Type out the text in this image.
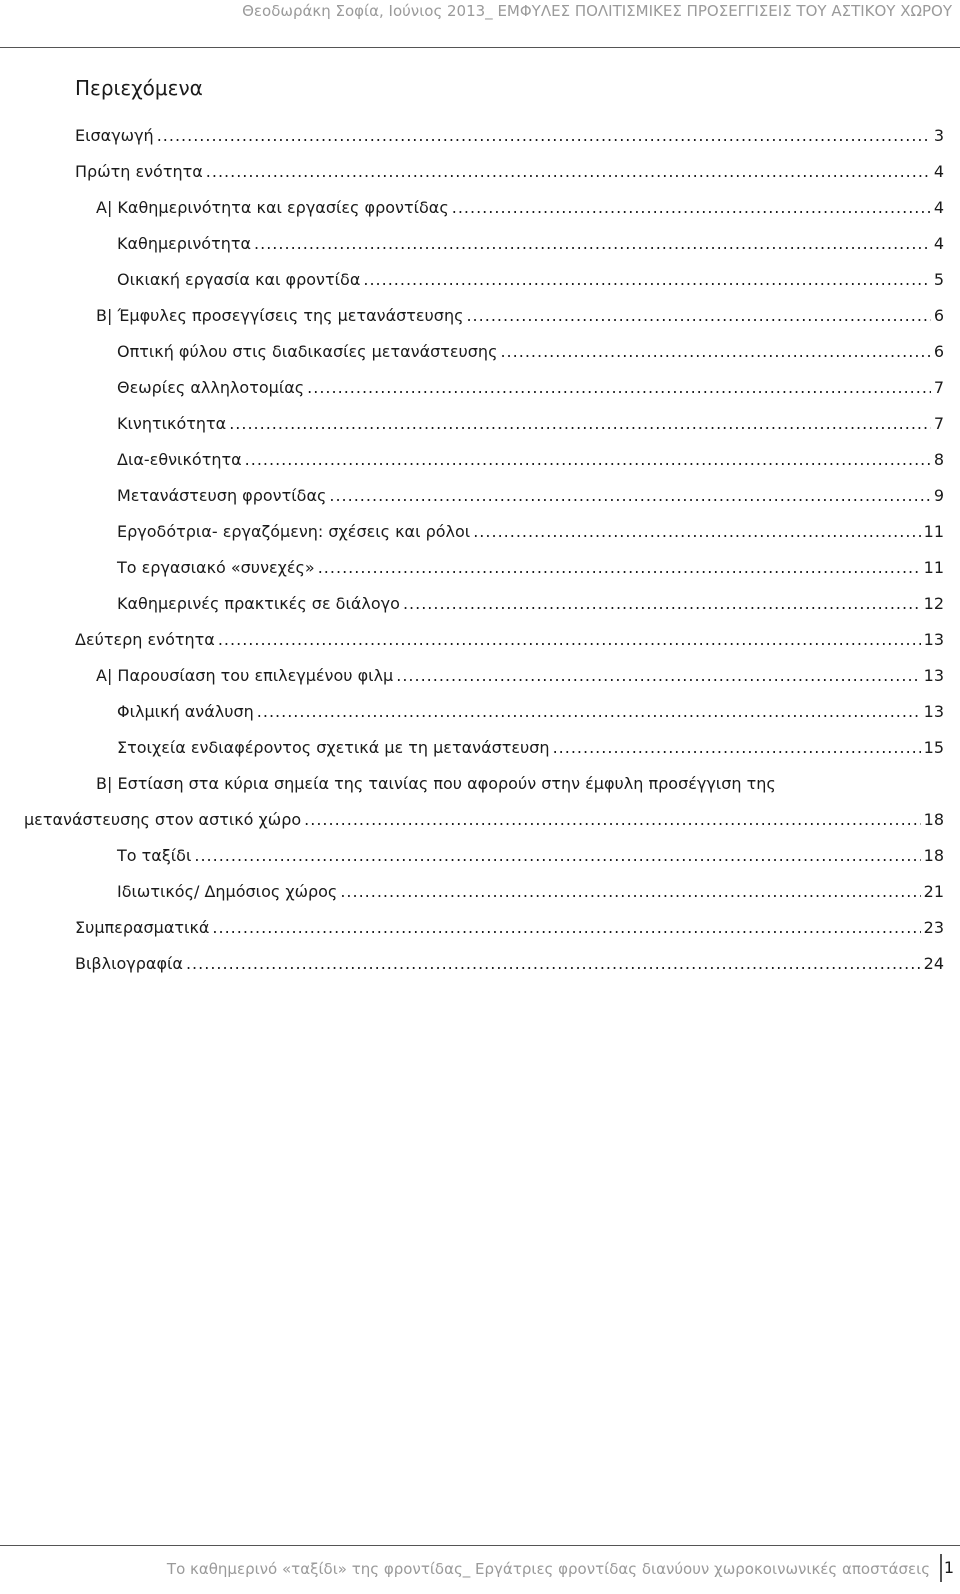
Θεοδωράκη Σοφία, Ιούνιος 2013_ ΕΜΦΥΛΕΣ ΠΟΛΙΤΙΣΜΙΚΕΣ ΠΡΟΣΕΓΓΙΣΕΙΣ ΤΟΥ ΑΣΤΙΚΟΥ ΧΩΡΟΥ
Περιεχόμενα
Εισαγωγή .....	3
Πρώτη ενότητα .....	4
Α| Καθημερινότητα και εργασίες φροντίδας .....	4
Καθημερινότητα .....	4
Οικιακή εργασία και φροντίδα .....	5
Β| Έμφυλες προσεγγίσεις της μετανάστευσης .....	6
Οπτική φύλου στις διαδικασίες μετανάστευσης .....	6
Θεωρίες αλληλοτομίας .....	7
Κινητικότητα .....	7
Δια-εθνικότητα .....	8
Μετανάστευση φροντίδας .....	9
Εργοδότρια- εργαζόμενη: σχέσεις και ρόλοι .....	11
Το εργασιακό «συνεχές» .....	11
Καθημερινές πρακτικές σε διάλογο .....	12
Δεύτερη ενότητα .....	13
Α| Παρουσίαση του επιλεγμένου φιλμ .....	13
Φιλμική ανάλυση .....	13
Στοιχεία ενδιαφέροντος σχετικά με τη μετανάστευση .....	15
Β| Εστίαση στα κύρια σημεία της ταινίας που αφορούν στην έμφυλη προσέγγιση της
μετανάστευσης στον αστικό χώρο .....	18
Το ταξίδι .....	18
Ιδιωτικός/ Δημόσιος χώρος .....	21
Συμπερασματικά .....	23
Βιβλιογραφία .....	24
Το καθημερινό «ταξίδι» της φροντίδας_ Εργάτριες φροντίδας διανύουν χωροκοινωνικές αποστάσεις 1
